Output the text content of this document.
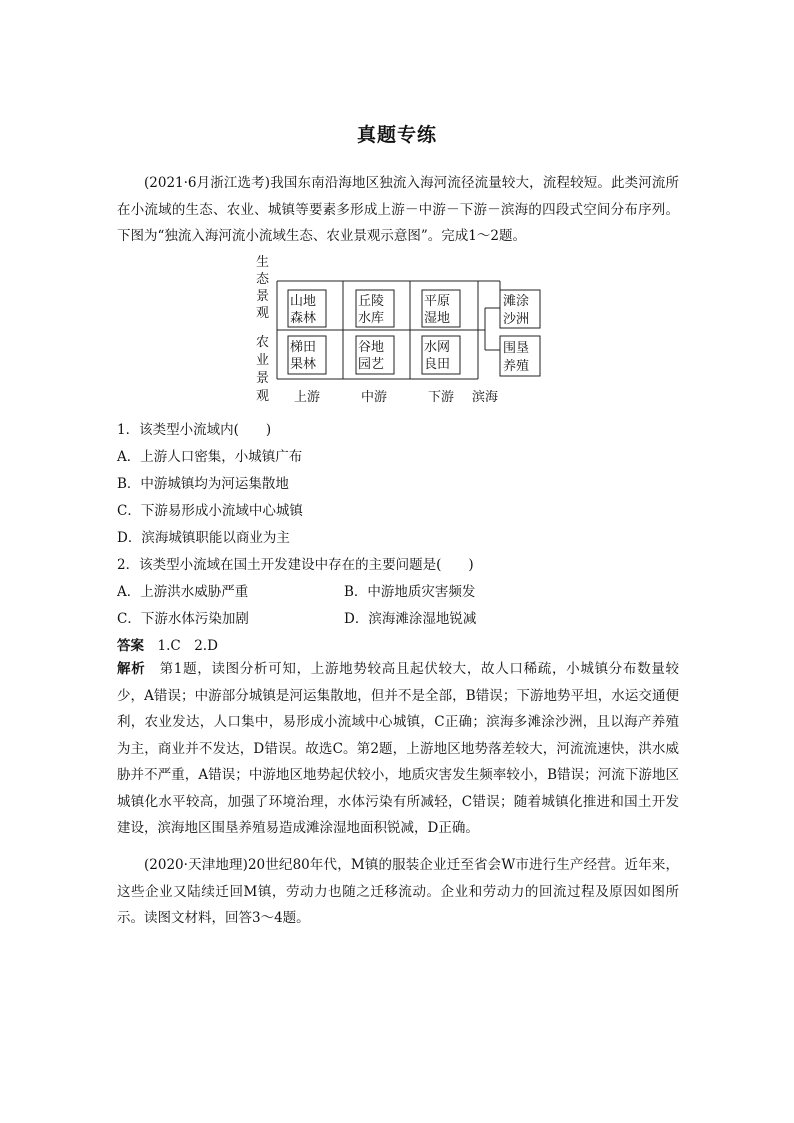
真题专练

(2021·6月浙江选考)我国东南沿海地区独流入海河流径流量较大，流程较短。此类河流所在小流域的生态、农业、城镇等要素多形成上游－中游－下游－滨海的四段式空间分布序列。下图为“独流入海河流小流域生态、农业景观示意图”。完成1～2题。

生
态
景
观
农
业
景
观
山地
森林
丘陵
水库
平原
湿地
滩涂
沙洲
梯田
果林
谷地
园艺
水网
良田
围垦
养殖
上游	中游	下游 滨海
1．该类型小流域内(　　)
A．上游人口密集，小城镇广布
B．中游城镇均为河运集散地
C．下游易形成小流域中心城镇
D．滨海城镇职能以商业为主
2．该类型小流域在国土开发建设中存在的主要问题是(　　)
A．上游洪水威胁严重	B．中游地质灾害频发
C．下游水体污染加剧	D．滨海滩涂湿地锐减
答案　 1.C　2.D

解析　 第1题，读图分析可知，上游地势较高且起伏较大，故人口稀疏，小城镇分布数量较少，A错误；中游部分城镇是河运集散地，但并不是全部，B错误；下游地势平坦，水运交通便利，农业发达，人口集中，易形成小流域中心城镇，C正确；滨海多滩涂沙洲，且以海产养殖为主，商业并不发达，D错误。故选C。第2题，上游地区地势落差较大，河流流速快，洪水威胁并不严重，A错误；中游地区地势起伏较小，地质灾害发生频率较小，B错误；河流下游地区城镇化水平较高，加强了环境治理，水体污染有所减轻，C错误；随着城镇化推进和国土开发建设，滨海地区围垦养殖易造成滩涂湿地面积锐减，D正确。

(2020·天津地理)20世纪80年代，M镇的服装企业迁至省会W市进行生产经营。近年来，这些企业又陆续迁回M镇，劳动力也随之迁移流动。企业和劳动力的回流过程及原因如图所示。读图文材料，回答3～4题。
